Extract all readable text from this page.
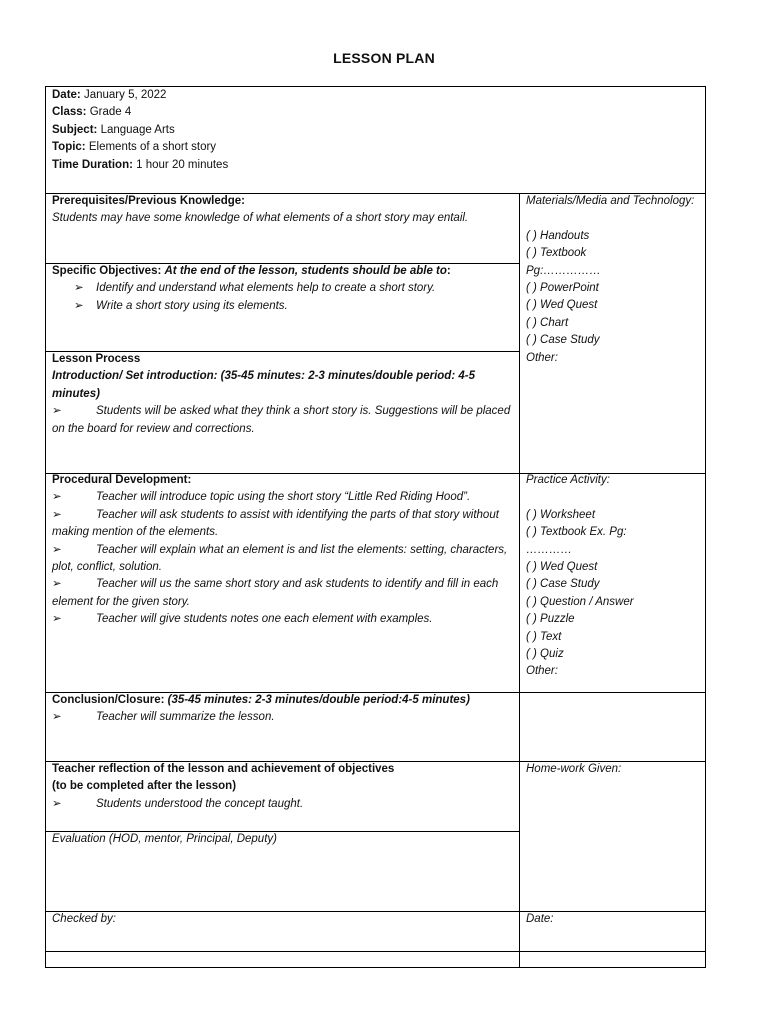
LESSON PLAN
Date: January 5, 2022
Class: Grade 4
Subject: Language Arts
Topic: Elements of a short story
Time Duration: 1 hour 20 minutes
Prerequisites/Previous Knowledge:
Students may have some knowledge of what elements of a short story may entail.
Specific Objectives: At the end of the lesson, students should be able to:
➢ Identify and understand what elements help to create a short story.
➢ Write a short story using its elements.
Lesson Process
Introduction/ Set introduction: (35-45 minutes: 2-3 minutes/double period: 4-5 minutes)
➢	Students will be asked what they think a short story is. Suggestions will be placed on the board for review and corrections.
Materials/Media and Technology:

( ) Handouts
( ) Textbook
Pg:……………
( ) PowerPoint
( ) Wed Quest
( ) Chart
( ) Case Study
Other:
Procedural Development:
➢	Teacher will introduce topic using the short story “Little Red Riding Hood”.
➢	Teacher will ask students to assist with identifying the parts of that story without making mention of the elements.
➢	Teacher will explain what an element is and list the elements: setting, characters, plot, conflict, solution.
➢	Teacher will us the same short story and ask students to identify and fill in each element for the given story.
➢	Teacher will give students notes one each element with examples.
Practice Activity:

( ) Worksheet
( ) Textbook Ex. Pg:
…………
( ) Wed Quest
( ) Case Study
( ) Question / Answer
( ) Puzzle
( ) Text
( ) Quiz
Other:
Conclusion/Closure: (35-45 minutes: 2-3 minutes/double period:4-5 minutes)
➢	Teacher will summarize the lesson.
Teacher reflection of the lesson and achievement of objectives
(to be completed after the lesson)
➢	Students understood the concept taught.
Home-work Given:
Evaluation (HOD, mentor, Principal, Deputy)
Checked by:	Date:
